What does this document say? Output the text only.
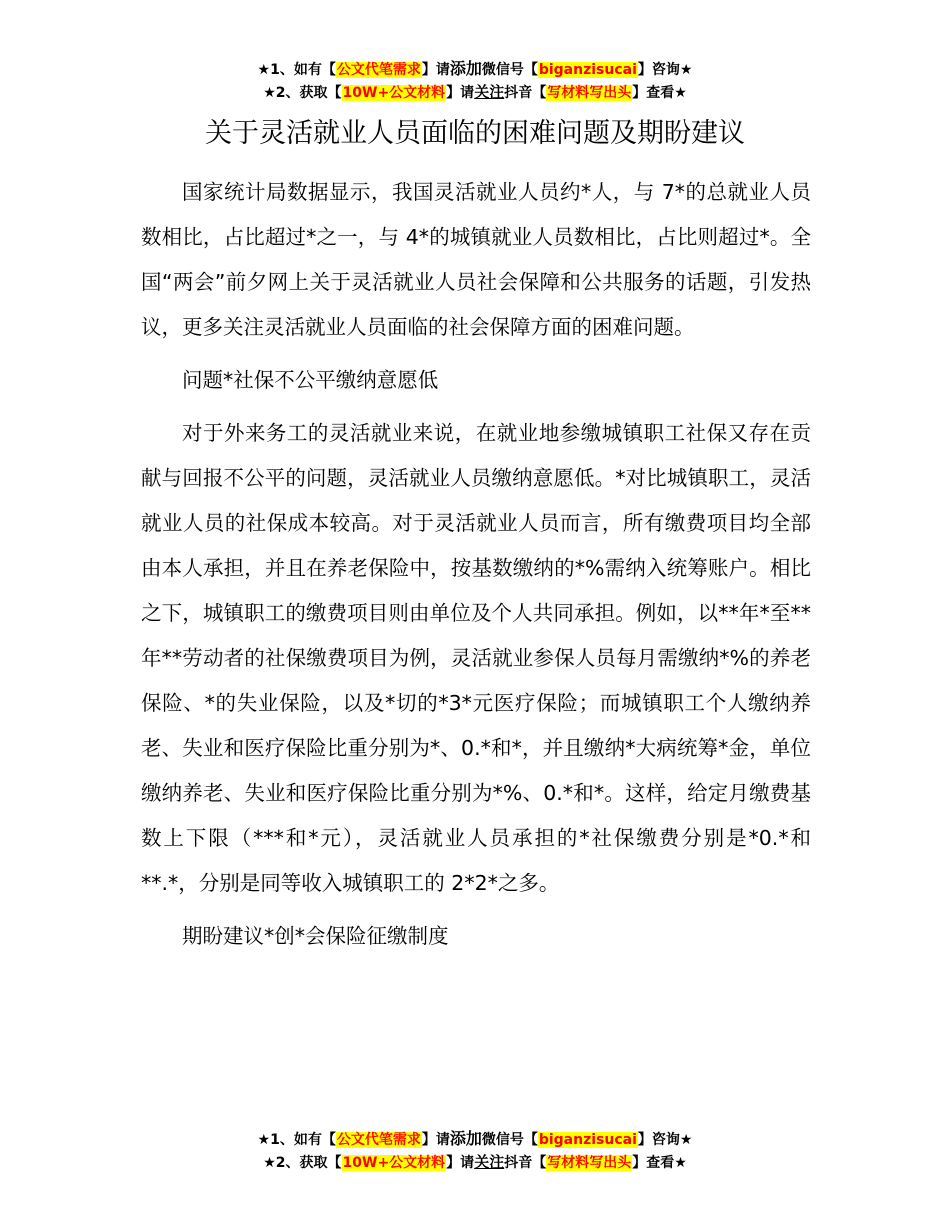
★1、如有【公文代笔需求】请添加微信号【biganzisucai】咨询★
★2、获取【10W+公文材料】请关注抖音【写材料写出头】查看★
关于灵活就业人员面临的困难问题及期盼建议

国家统计局数据显示，我国灵活就业人员约*人，与 7*的总就业人员数相比，占比超过*之一，与 4*的城镇就业人员数相比，占比则超过*。全国“两会”前夕网上关于灵活就业人员社会保障和公共服务的话题，引发热议，更多关注灵活就业人员面临的社会保障方面的困难问题。

问题*社保不公平缴纳意愿低

对于外来务工的灵活就业来说，在就业地参缴城镇职工社保又存在贡献与回报不公平的问题，灵活就业人员缴纳意愿低。*对比城镇职工，灵活就业人员的社保成本较高。对于灵活就业人员而言，所有缴费项目均全部由本人承担，并且在养老保险中，按基数缴纳的*%需纳入统筹账户。相比之下，城镇职工的缴费项目则由单位及个人共同承担。例如，以**年*至**年**劳动者的社保缴费项目为例，灵活就业参保人员每月需缴纳*%的养老保险、*的失业保险，以及*切的*3*元医疗保险；而城镇职工个人缴纳养老、失业和医疗保险比重分别为*、0.*和*，并且缴纳*大病统筹*金，单位缴纳养老、失业和医疗保险比重分别为*%、0.*和*。这样，给定月缴费基数上下限（***和*元），灵活就业人员承担的*社保缴费分别是*0.*和**.*，分别是同等收入城镇职工的 2*2*之多。

期盼建议*创*会保险征缴制度

★1、如有【公文代笔需求】请添加微信号【biganzisucai】咨询★
★2、获取【10W+公文材料】请关注抖音【写材料写出头】查看★
